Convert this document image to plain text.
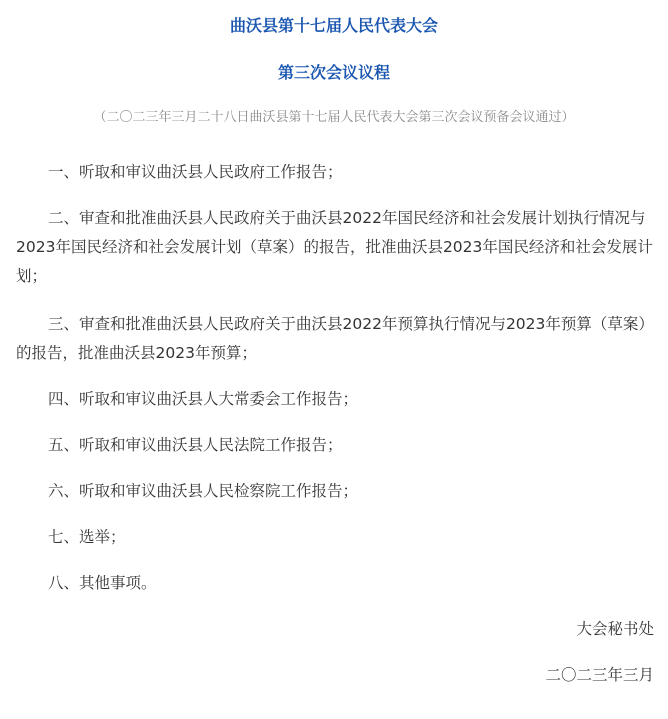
曲沃县第十七届人民代表大会
第三次会议议程

（二〇二三年三月二十八日曲沃县第十七届人民代表大会第三次会议预备会议通过）

一、听取和审议曲沃县人民政府工作报告；

二、审查和批准曲沃县人民政府关于曲沃县2022年国民经济和社会发展计划执行情况与2023年国民经济和社会发展计划（草案）的报告，批准曲沃县2023年国民经济和社会发展计划；

三、审查和批准曲沃县人民政府关于曲沃县2022年预算执行情况与2023年预算（草案）的报告，批准曲沃县2023年预算；

四、听取和审议曲沃县人大常委会工作报告；

五、听取和审议曲沃县人民法院工作报告；

六、听取和审议曲沃县人民检察院工作报告；

七、选举；

八、其他事项。

大会秘书处

二〇二三年三月
